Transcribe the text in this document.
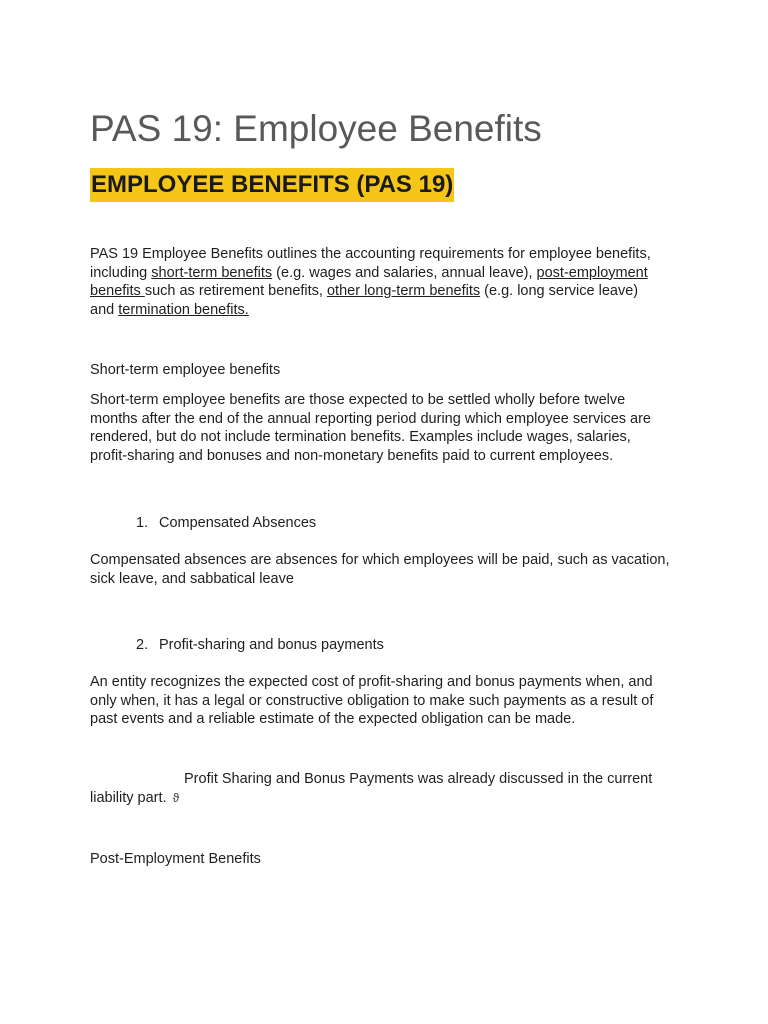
PAS 19: Employee Benefits
EMPLOYEE BENEFITS (PAS 19)

PAS 19 Employee Benefits outlines the accounting requirements for employee benefits,
including short-term benefits (e.g. wages and salaries, annual leave), post-employment
benefits such as retirement benefits, other long-term benefits (e.g. long service leave)
and termination benefits.

Short-term employee benefits

Short-term employee benefits are those expected to be settled wholly before twelve
months after the end of the annual reporting period during which employee services are
rendered, but do not include termination benefits. Examples include wages, salaries,
profit-sharing and bonuses and non-monetary benefits paid to current employees.

1. Compensated Absences

Compensated absences are absences for which employees will be paid, such as vacation,
sick leave, and sabbatical leave

2. Profit-sharing and bonus payments

An entity recognizes the expected cost of profit-sharing and bonus payments when, and
only when, it has a legal or constructive obligation to make such payments as a result of
past events and a reliable estimate of the expected obligation can be made.

Profit Sharing and Bonus Payments was already discussed in the current
liability part. ϑ

Post-Employment Benefits
